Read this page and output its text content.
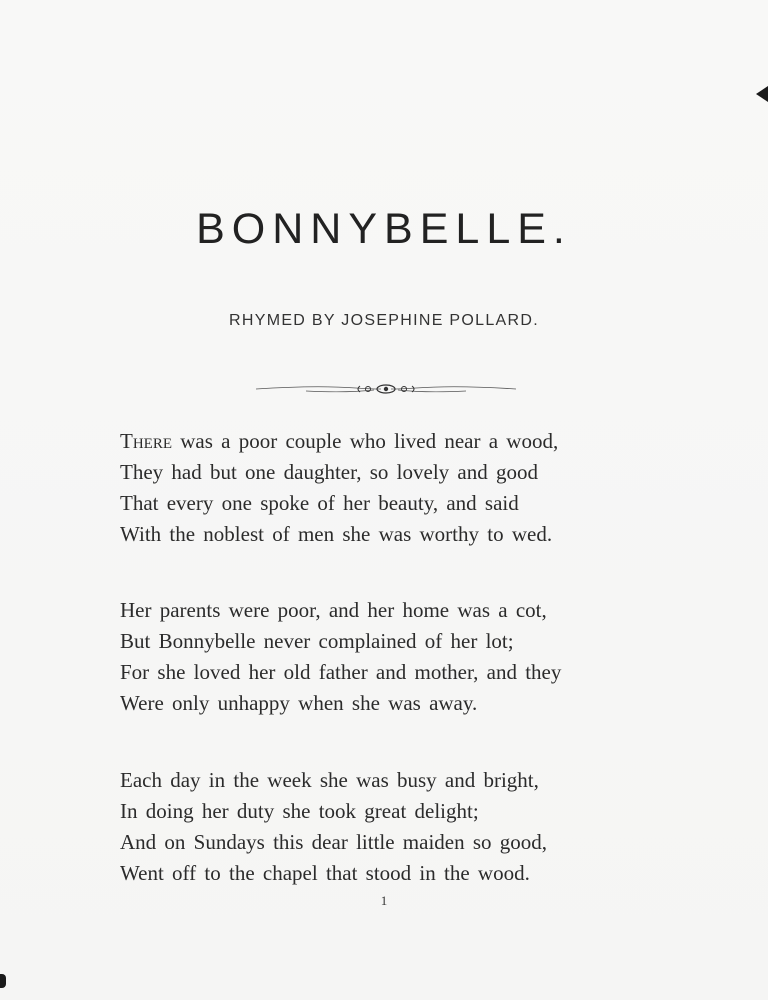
BONNYBELLE.

RHYMED BY JOSEPHINE POLLARD.

There was a poor couple who lived near a wood,
They had but one daughter, so lovely and good
That every one spoke of her beauty, and said
With the noblest of men she was worthy to wed.

Her parents were poor, and her home was a cot,
But Bonnybelle never complained of her lot;
For she loved her old father and mother, and they
Were only unhappy when she was away.

Each day in the week she was busy and bright,
In doing her duty she took great delight;
And on Sundays this dear little maiden so good,
Went off to the chapel that stood in the wood.

1
